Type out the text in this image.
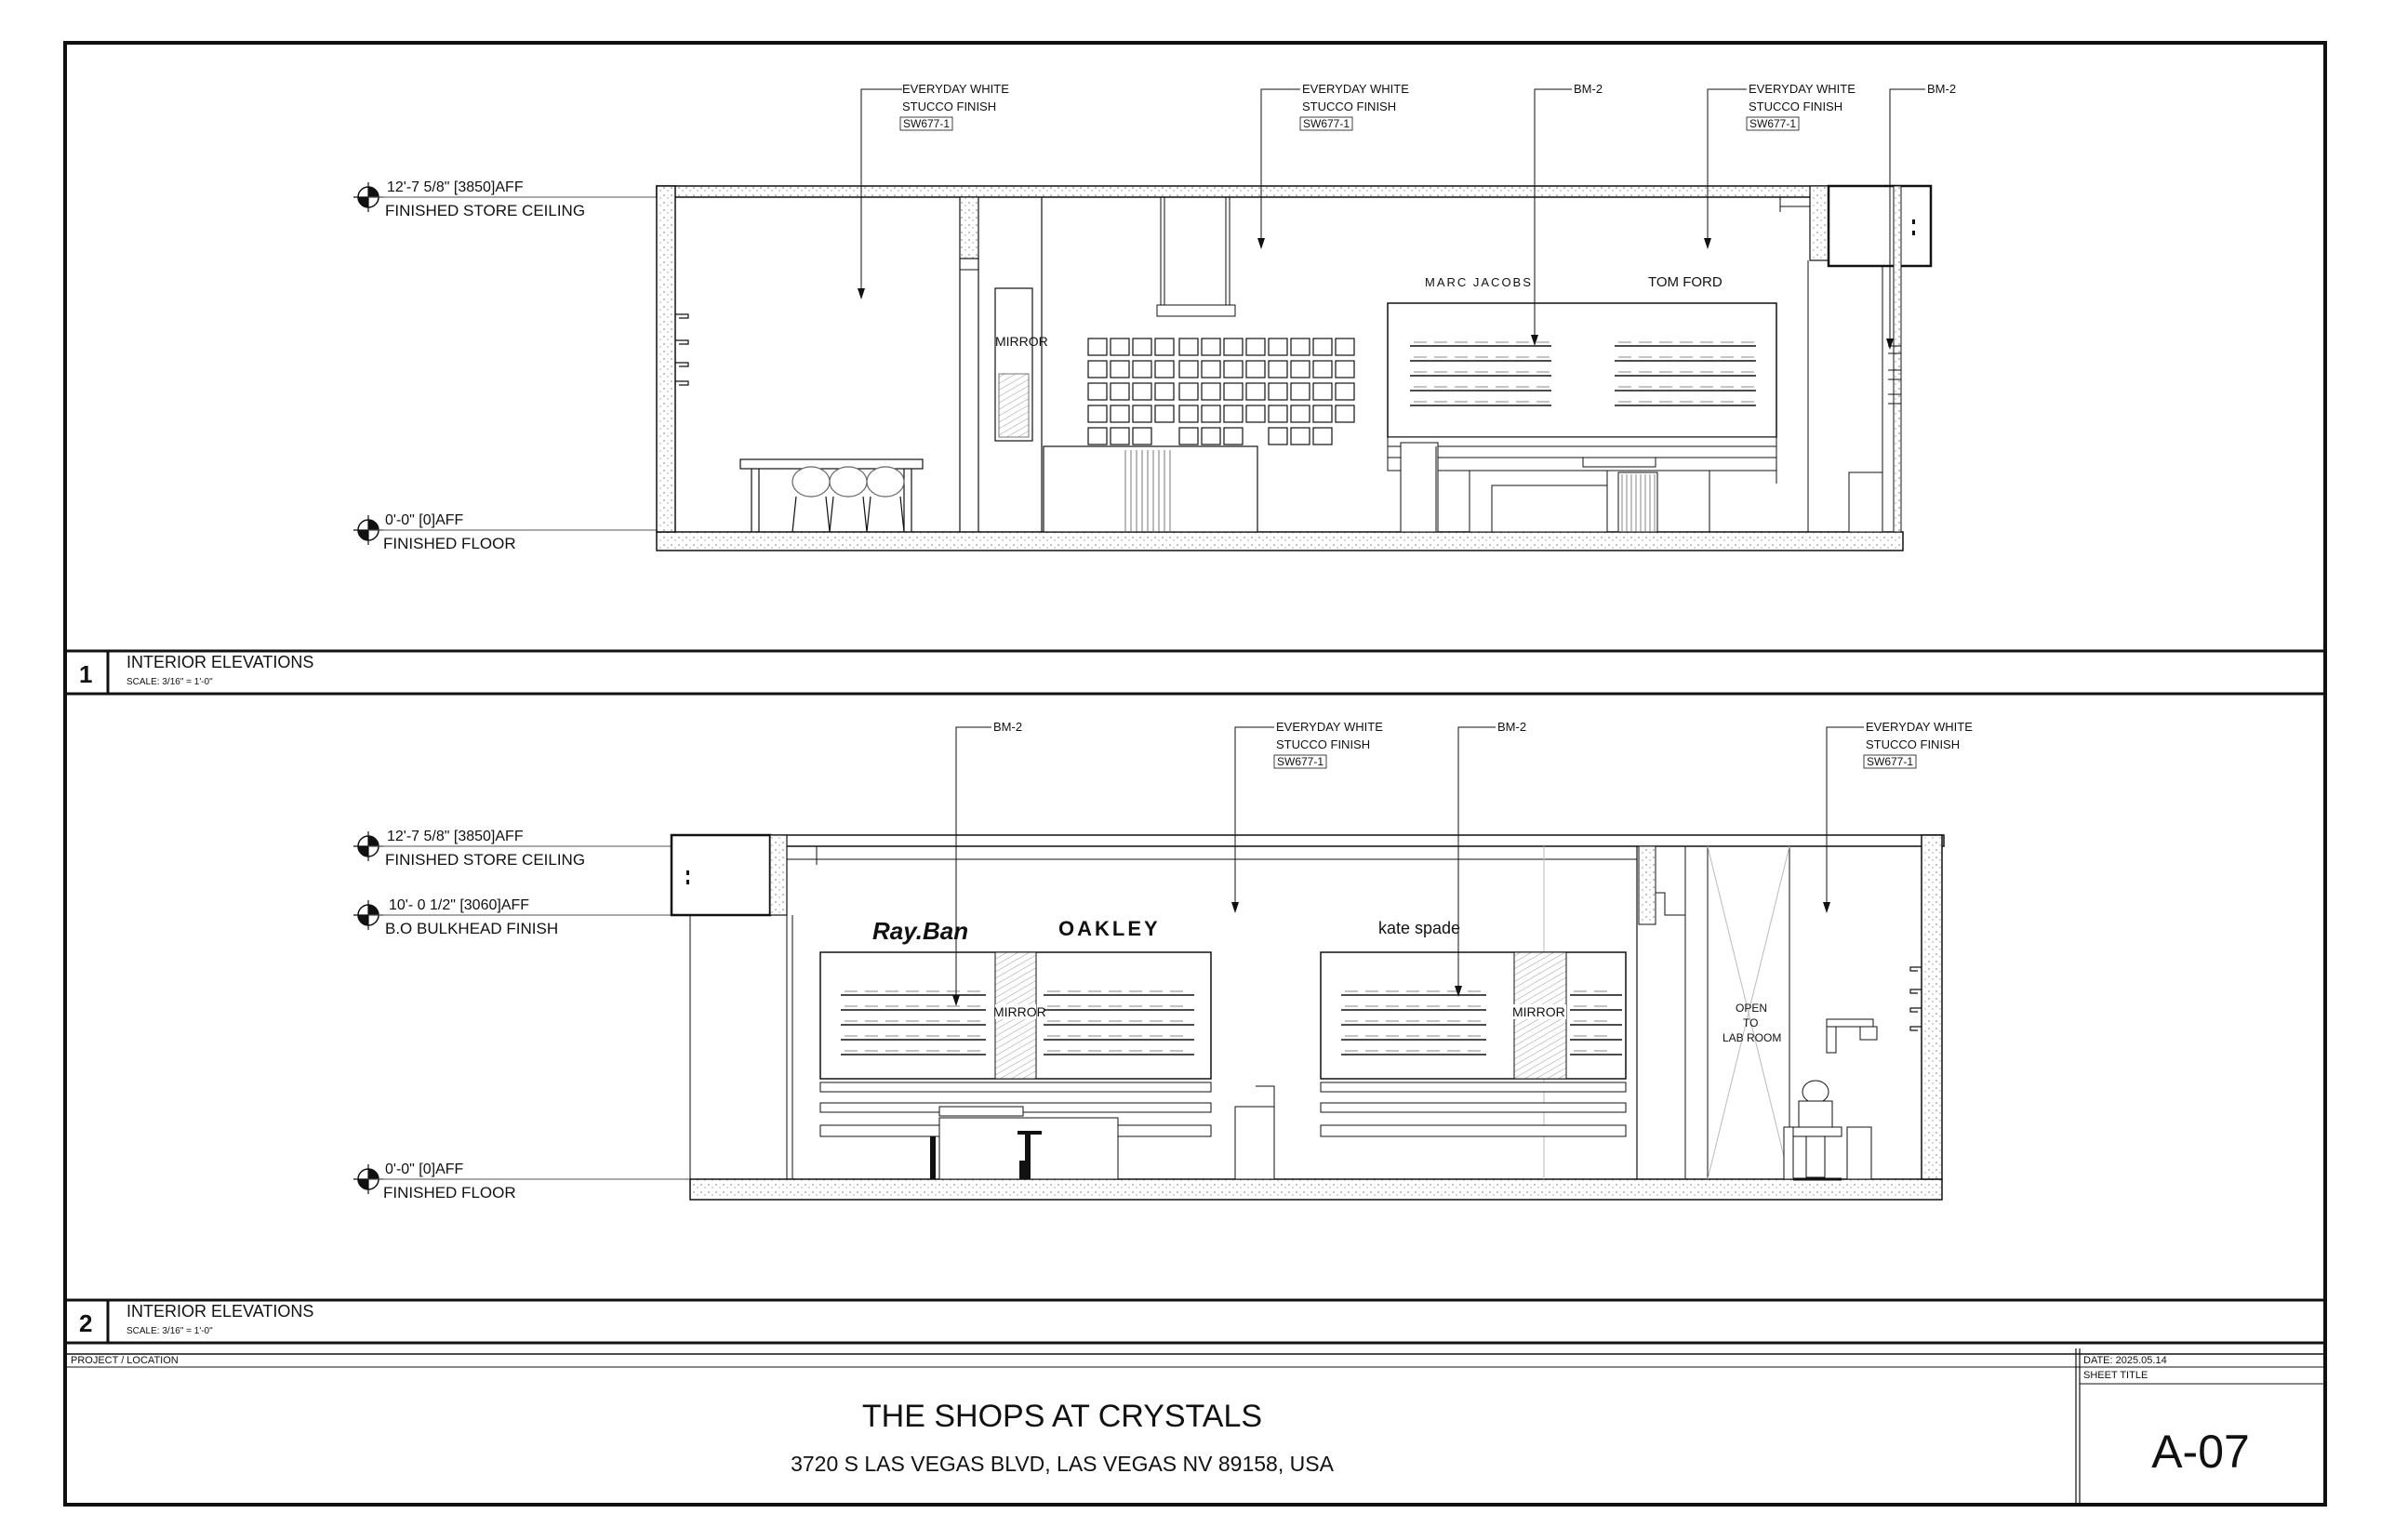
12'-7 5/8" [3850]AFF
FINISHED STORE CEILING
0'-0" [0]AFF
FINISHED FLOOR
MIRROR
MARC JACOBS	TOM FORD
EVERYDAY WHITE
STUCCO FINISH
SW677-1
EVERYDAY WHITE
STUCCO FINISH
SW677-1
BM-2	EVERYDAY WHITE
STUCCO FINISH
SW677-1
BM-2
1 INTERIOR ELEVATIONS
SCALE: 3/16" = 1'-0"
12'-7 5/8" [3850]AFF
FINISHED STORE CEILING
10'- 0 1/2" [3060]AFF
B.O BULKHEAD FINISH
0'-0" [0]AFF
FINISHED FLOOR
OPEN
TO
LAB ROOM
MIRROR
Ray.Ban	OAKLEY
MIRROR
kate spade
BM-2	EVERYDAY WHITE
STUCCO FINISH
SW677-1
BM-2	EVERYDAY WHITE
STUCCO FINISH
SW677-1
2 INTERIOR ELEVATIONS
SCALE: 3/16" = 1'-0"
PROJECT / LOCATION
THE SHOPS AT CRYSTALS
3720 S LAS VEGAS BLVD, LAS VEGAS NV 89158, USA
DATE: 2025.05.14
SHEET TITLE
A-07
